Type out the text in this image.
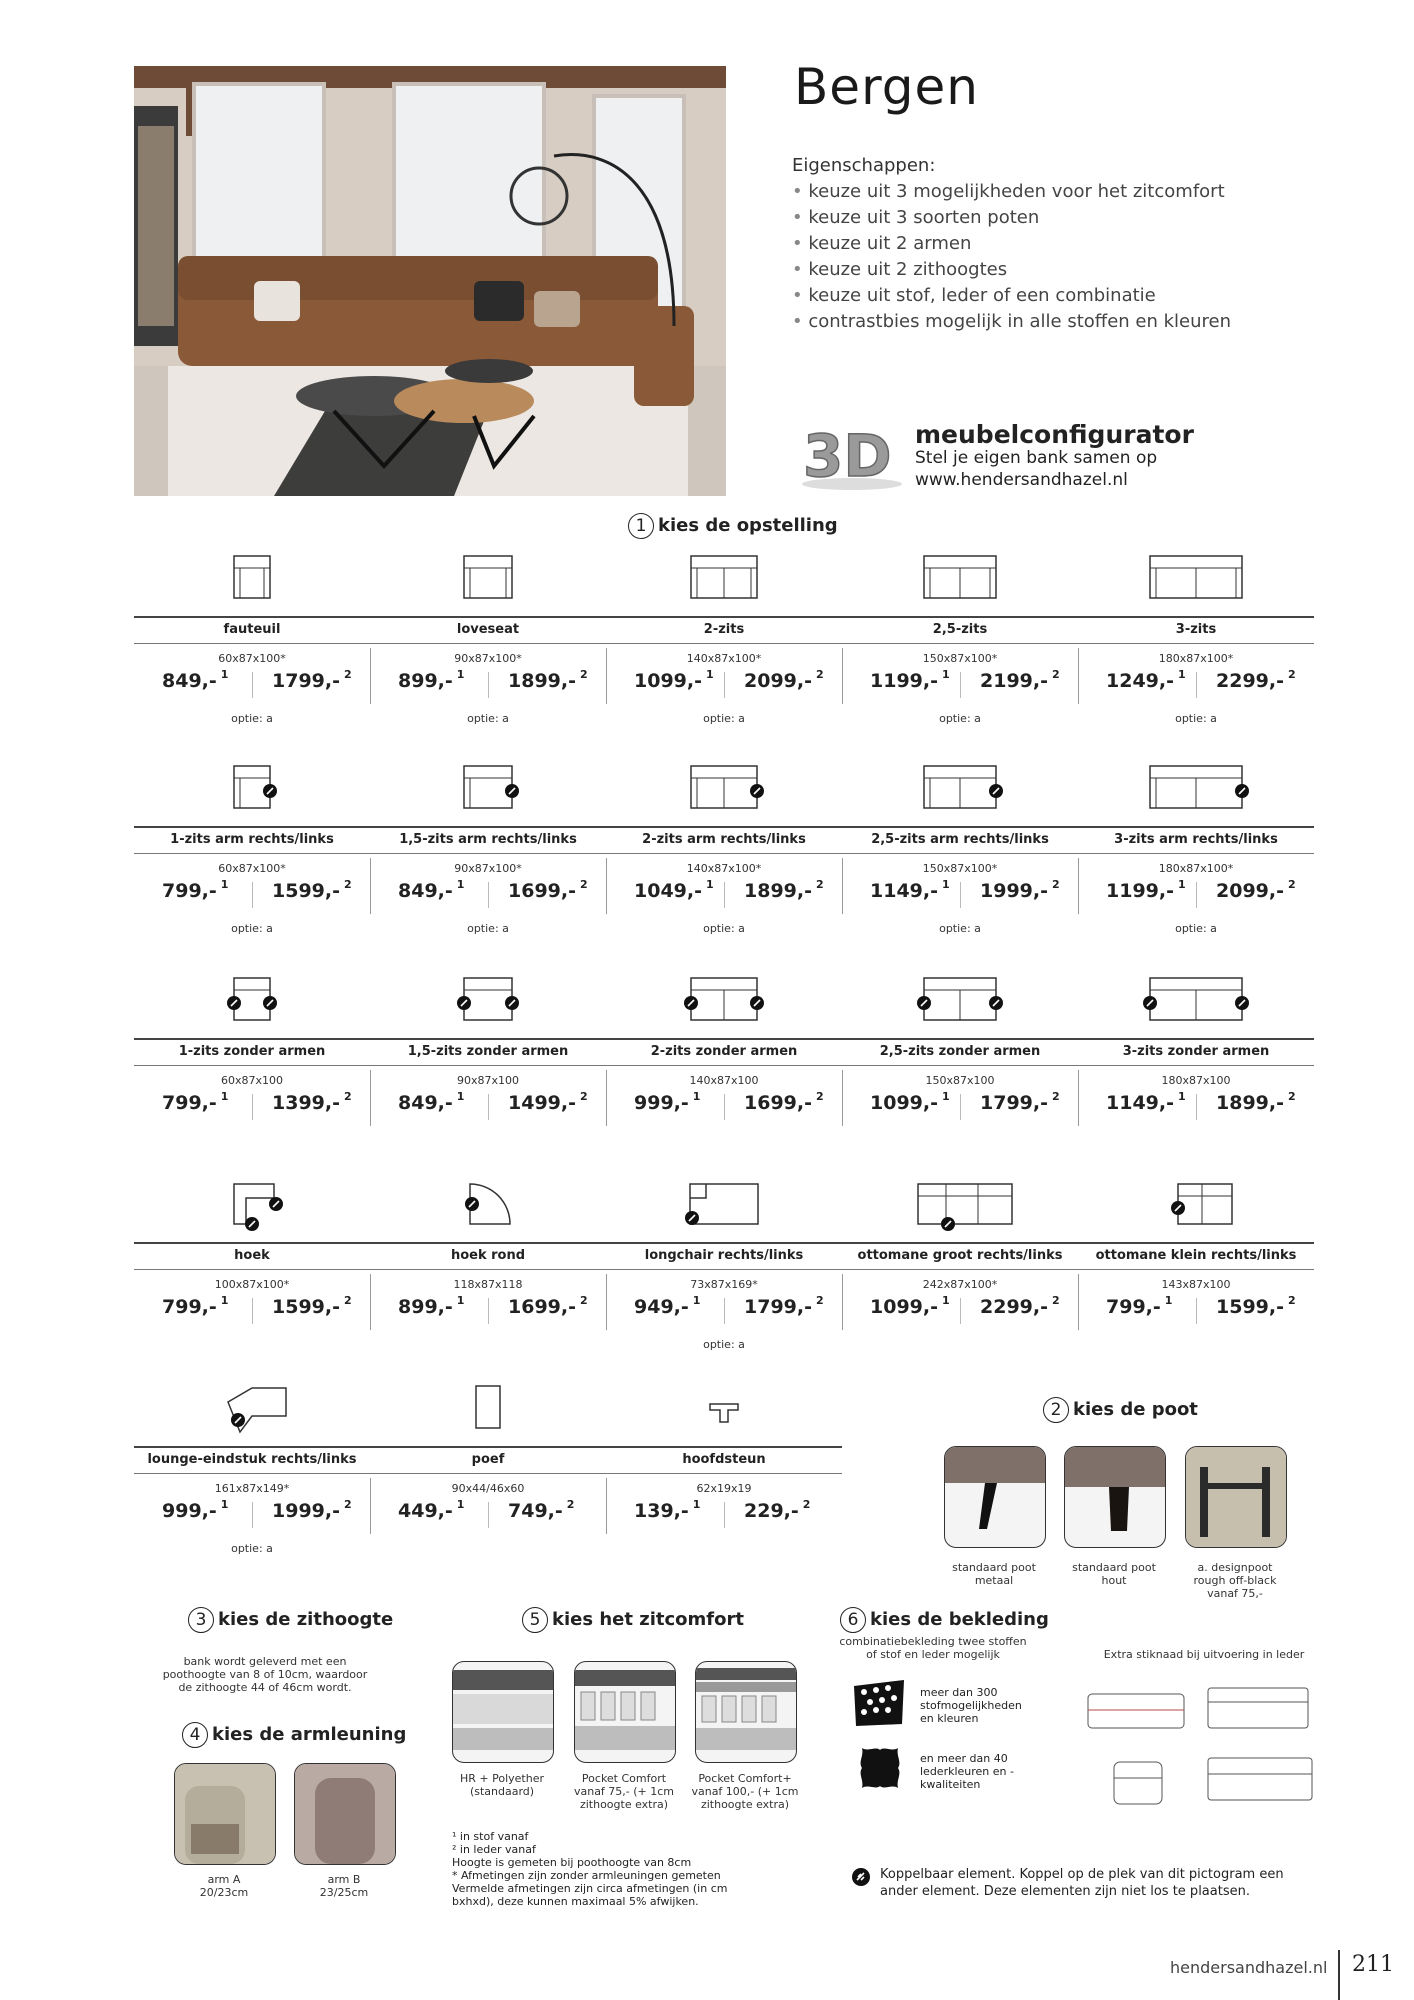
Bergen
Eigenschappen:
• keuze uit 3 mogelijkheden voor het zitcomfort
• keuze uit 3 soorten poten
• keuze uit 2 armen
• keuze uit 2 zithoogtes
• keuze uit stof, leder of een combinatie
• contrastbies mogelijk in alle stoffen en kleuren
3D meubelconfigurator
Stel je eigen bank samen op
www.hendersandhazel.nl
1 kies de opstelling
fauteuil
60x87x100*
849,- $^1$ 1799,- $^2$
optie: a
loveseat
90x87x100*
899,- $^1$ 1899,- $^2$
optie: a
2-zits
140x87x100*
1099,- $^1$ 2099,- $^2$
optie: a
2,5-zits
150x87x100*
1199,- $^1$ 2199,- $^2$
optie: a
3-zits
180x87x100*
1249,- $^1$ 2299,- $^2$
optie: a
1-zits arm rechts/links
60x87x100*
799,- $^1$ 1599,- $^2$
optie: a
1,5-zits arm rechts/links
90x87x100*
849,- $^1$ 1699,- $^2$
optie: a
2-zits arm rechts/links
140x87x100*
1049,- $^1$ 1899,- $^2$
optie: a
2,5-zits arm rechts/links
150x87x100*
1149,- $^1$ 1999,- $^2$
optie: a
3-zits arm rechts/links
180x87x100*
1199,- $^1$ 2099,- $^2$
optie: a
1-zits zonder armen
60x87x100
799,- $^1$ 1399,- $^2$
1,5-zits zonder armen
90x87x100
849,- $^1$ 1499,- $^2$
2-zits zonder armen
140x87x100
999,- $^1$ 1699,- $^2$
2,5-zits zonder armen
150x87x100
1099,- $^1$ 1799,- $^2$
3-zits zonder armen
180x87x100
1149,- $^1$ 1899,- $^2$
hoek
100x87x100*
799,- $^1$ 1599,- $^2$
hoek rond
118x87x118
899,- $^1$ 1699,- $^2$
longchair rechts/links
73x87x169*
949,- $^1$ 1799,- $^2$
optie: a
ottomane groot rechts/links
242x87x100*
1099,- $^1$ 2299,- $^2$
ottomane klein rechts/links
143x87x100
799,- $^1$ 1599,- $^2$
lounge-eindstuk rechts/links
161x87x149*
999,- $^1$ 1999,- $^2$
optie: a
poef
90x44/46x60
449,- $^1$ 749,- $^2$
hoofdsteun
62x19x19
139,- $^1$ 229,- $^2$
2 kies de poot
standaard poot metaal
standaard poot hout
a. designpoot rough off-black vanaf 75,-
3 kies de zithoogte
bank wordt geleverd met een poothoogte van 8 of 10cm, waardoor de zithoogte 44 of 46cm wordt.
4 kies de armleuning
arm A
20/23cm
arm B
23/25cm
5 kies het zitcomfort
HR + Polyether (standaard)
Pocket Comfort vanaf 75,- (+ 1cm zithoogte extra)
Pocket Comfort+ vanaf 100,- (+ 1cm zithoogte extra)
¹ in stof vanaf
² in leder vanaf
Hoogte is gemeten bij poothoogte van 8cm
* Afmetingen zijn zonder armleuningen gemeten
Vermelde afmetingen zijn circa afmetingen (in cm
bxhxd), deze kunnen maximaal 5% afwijken.
6 kies de bekleding
combinatiebekleding twee stoffen of stof en leder mogelijk
meer dan 300 stofmogelijkheden en kleuren
en meer dan 40 lederkleuren en -kwaliteiten
Extra stiknaad bij uitvoering in leder
Koppelbaar element. Koppel op de plek van dit pictogram een ander element. Deze elementen zijn niet los te plaatsen.
hendersandhazel.nl 211
